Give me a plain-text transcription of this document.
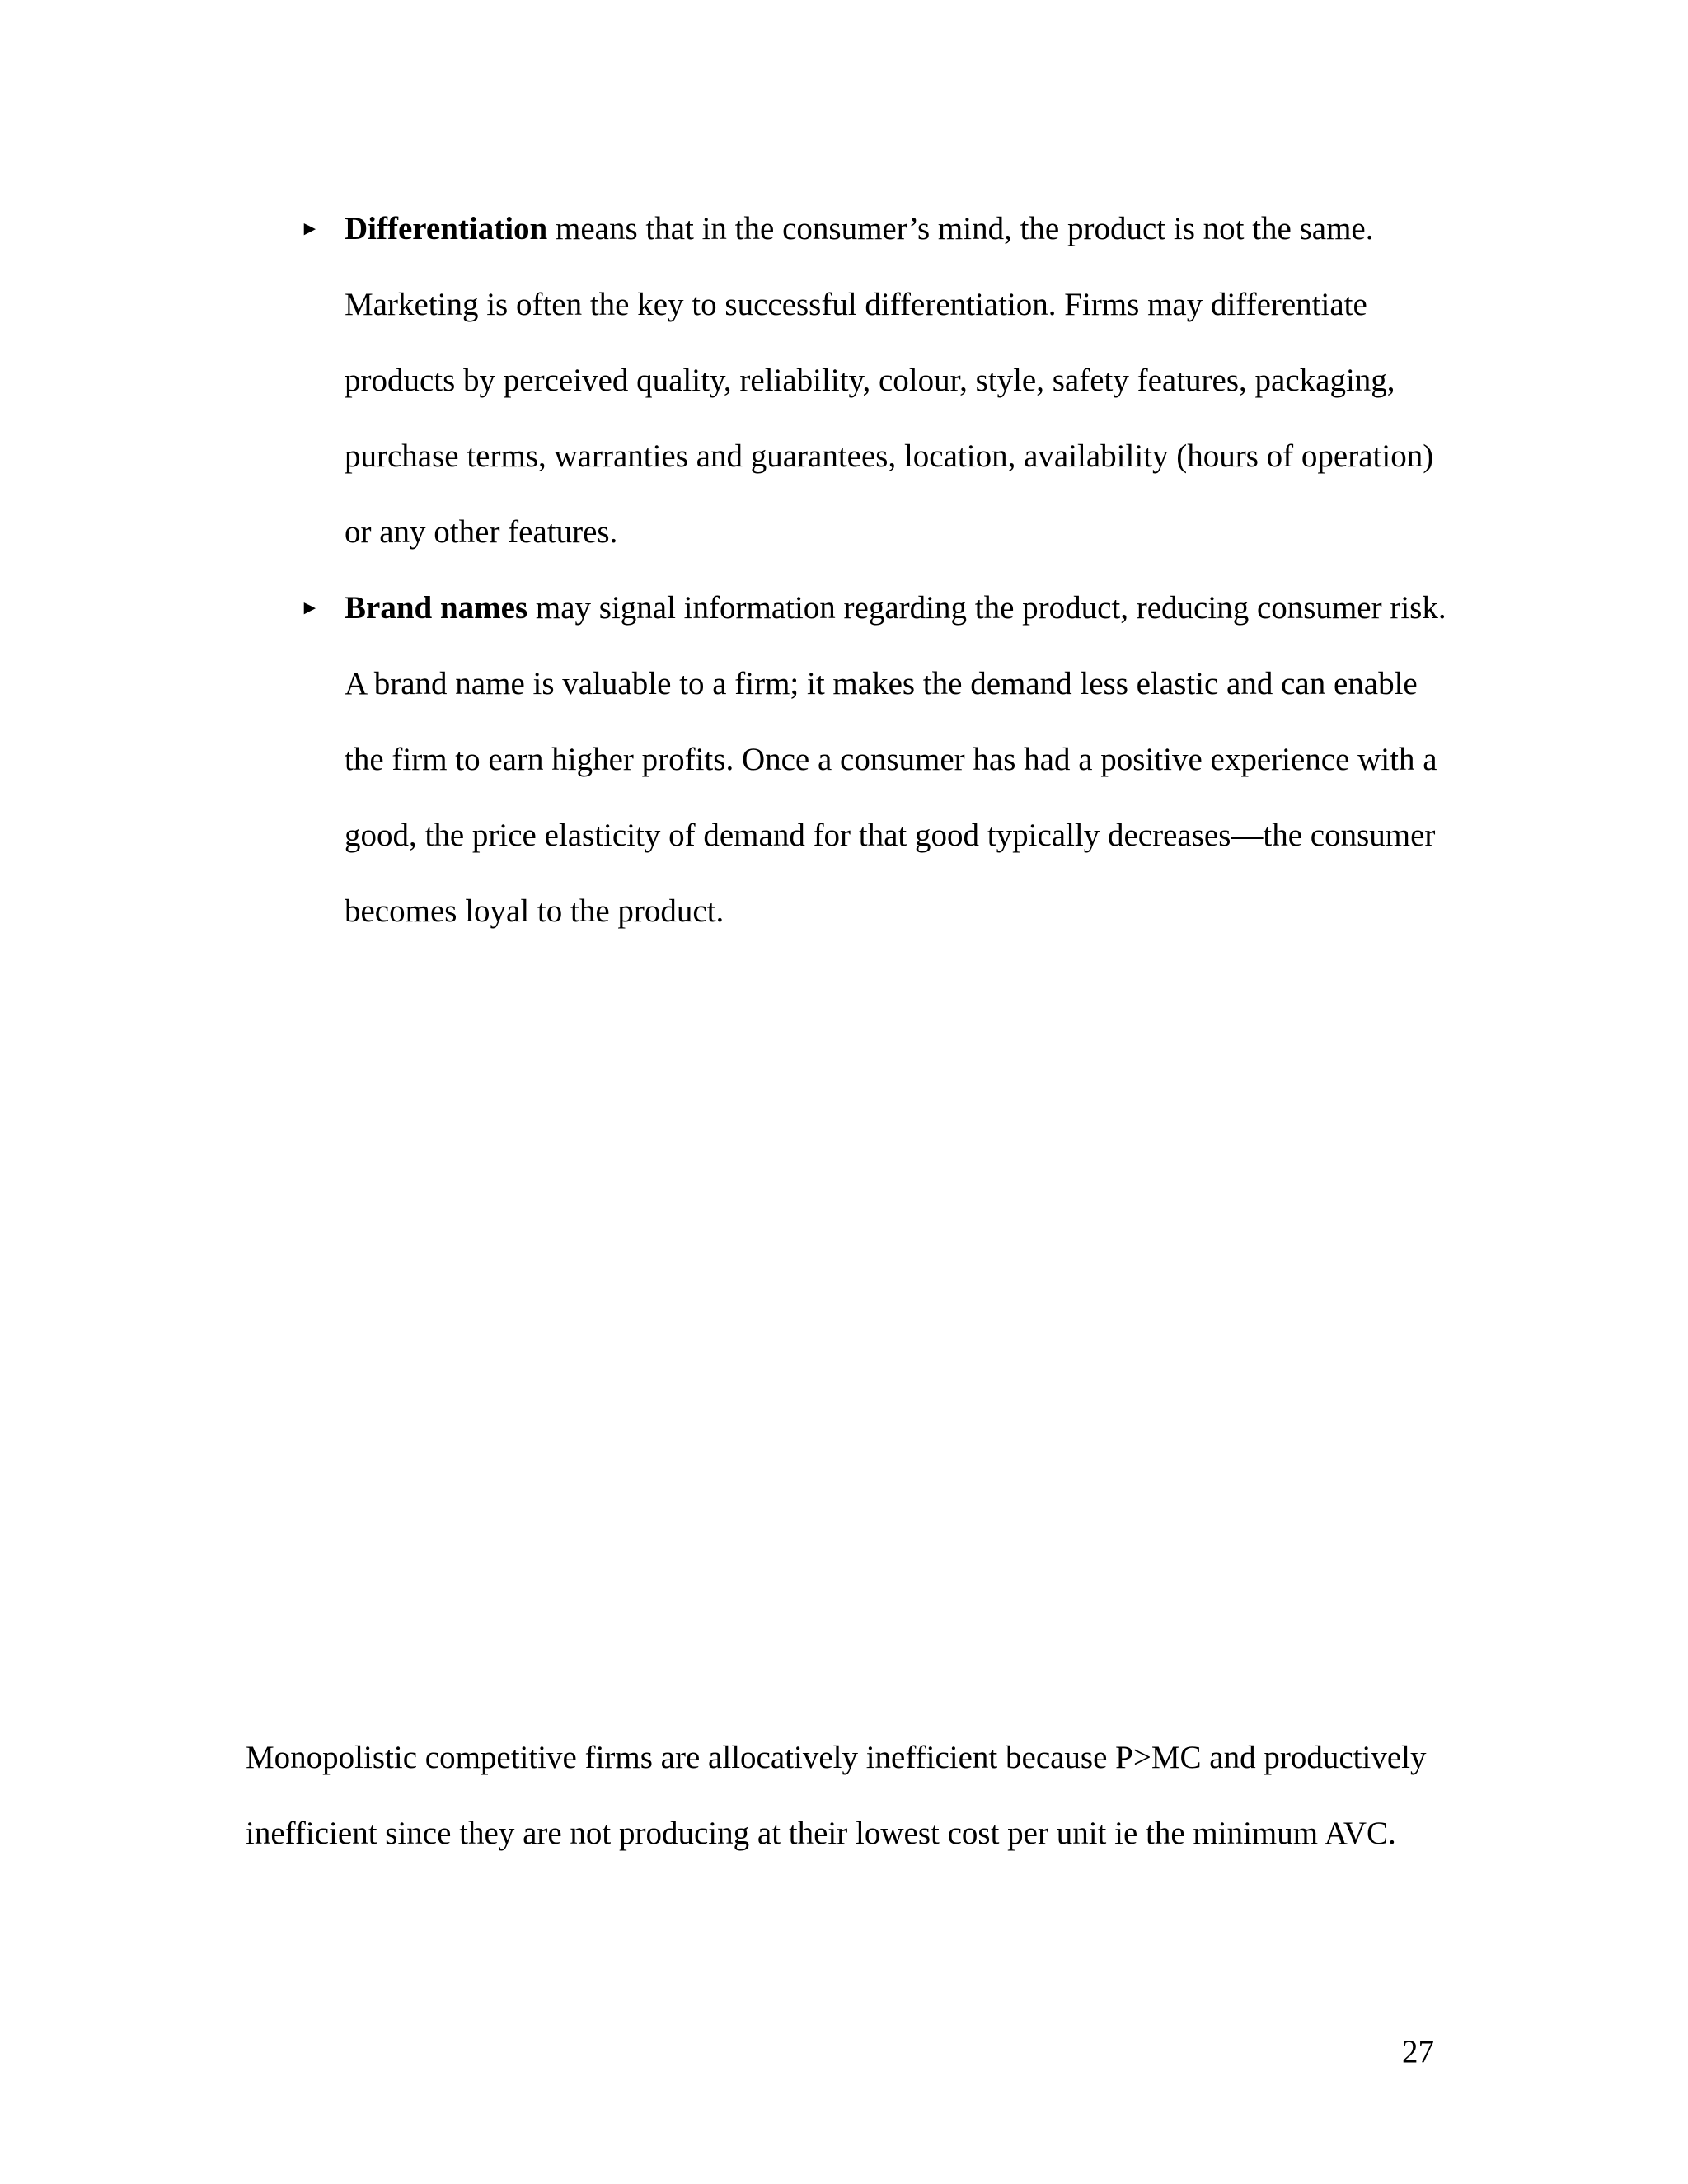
► Differentiation means that in the consumer’s mind, the product is not the same. Marketing is often the key to successful differentiation. Firms may differentiate products by perceived quality, reliability, colour, style, safety features, packaging, purchase terms, warranties and guarantees, location, availability (hours of operation) or any other features.
► Brand names may signal information regarding the product, reducing consumer risk. A brand name is valuable to a firm; it makes the demand less elastic and can enable the firm to earn higher profits. Once a consumer has had a positive experience with a good, the price elasticity of demand for that good typically decreases—the consumer becomes loyal to the product.

Monopolistic competitive firms are allocatively inefficient because P>MC and productively inefficient since they are not producing at their lowest cost per unit ie the minimum AVC.

27
